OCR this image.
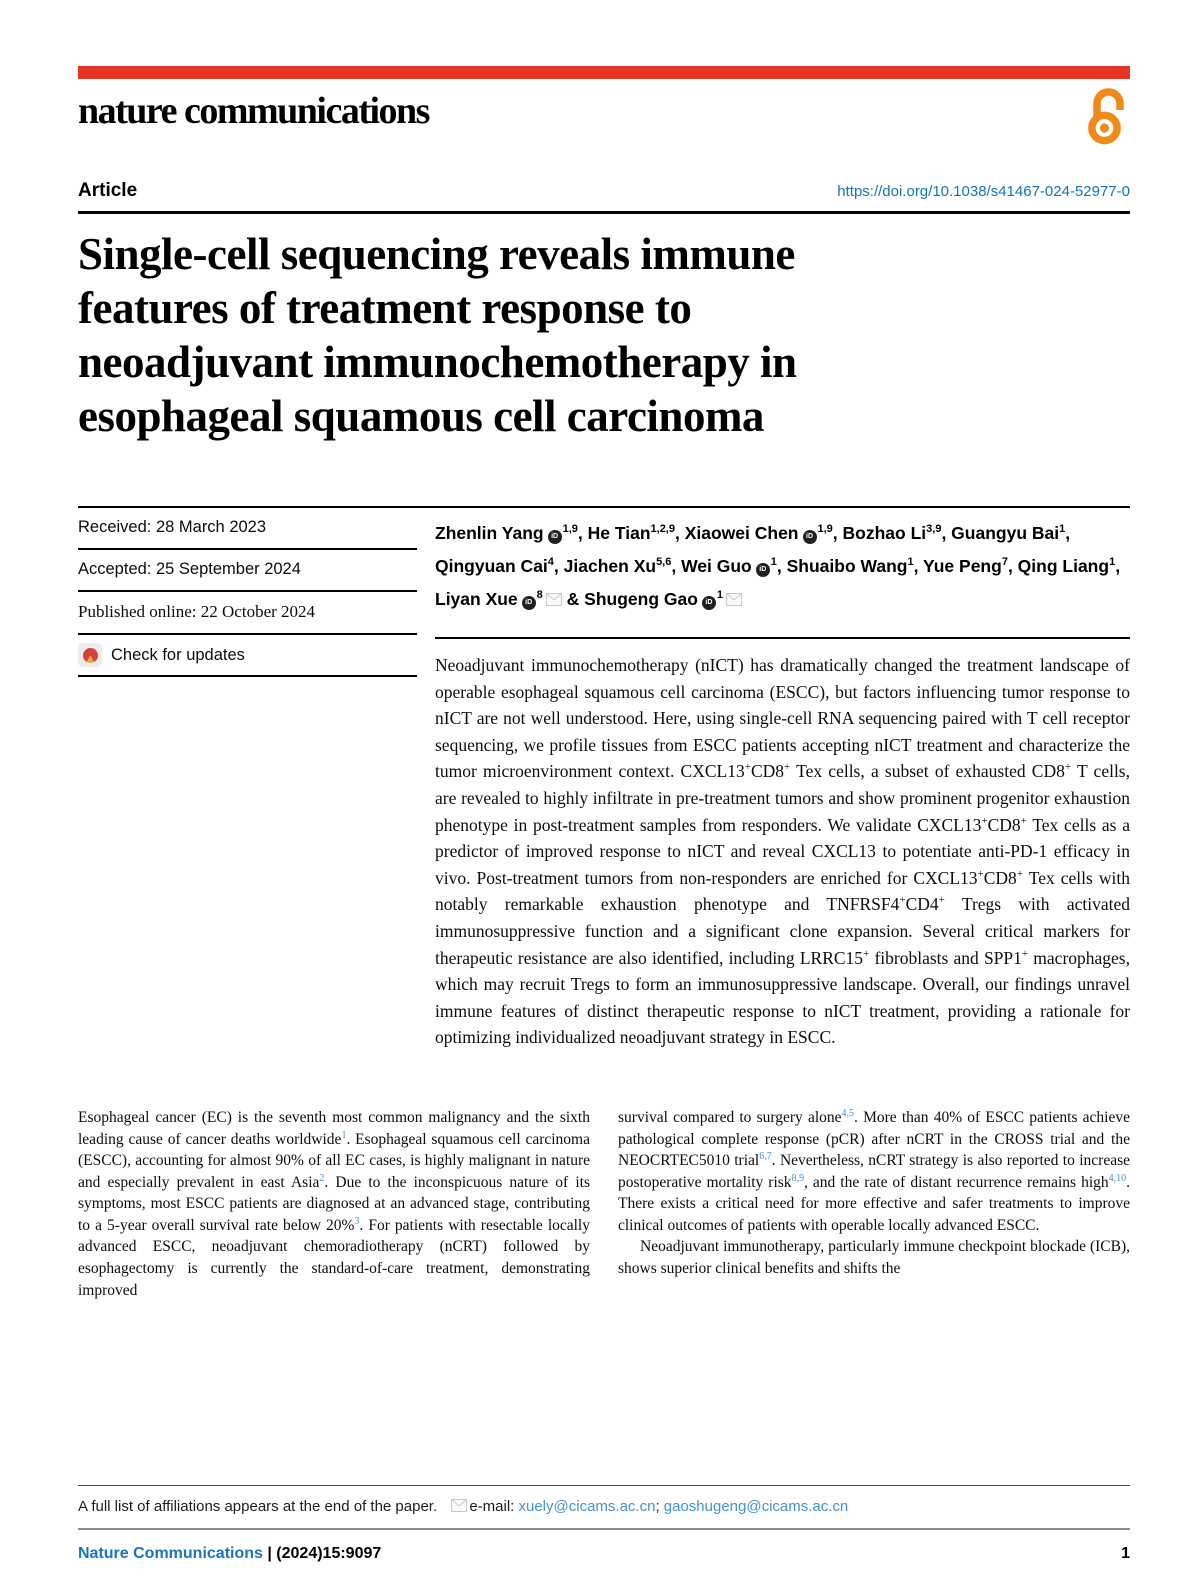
nature communications
Article	https://doi.org/10.1038/s41467-024-52977-0
Single-cell sequencing reveals immune
features of treatment response to
neoadjuvant immunochemotherapy in
esophageal squamous cell carcinoma
Received: 28 March 2023
Accepted: 25 September 2024
Published online: 22 October 2024
Check for updates

Zhenlin Yang iD$^{1,9}$, He Tian$^{1,2,9}$, Xiaowei Chen iD$^{1,9}$, Bozhao Li$^{3,9}$, Guangyu Bai$^1$, Qingyuan Cai$^4$, Jiachen Xu$^{5,6}$, Wei Guo $iD^1$, Shuaibo Wang$^1$, Yue Peng$^7$, Qing Liang$^1$, Liyan Xue $iD^8$ & Shugeng Gao $iD^1$

Neoadjuvant immunochemotherapy (nICT) has dramatically changed the treatment landscape of operable esophageal squamous cell carcinoma (ESCC), but factors influencing tumor response to nICT are not well understood. Here, using single-cell RNA sequencing paired with T cell receptor sequencing, we profile tissues from ESCC patients accepting nICT treatment and characterize the tumor microenvironment context. CXCL13+CD8+ Tex cells, a subset of exhausted CD8+ T cells, are revealed to highly infiltrate in pre-treatment tumors and show prominent progenitor exhaustion phenotype in post-treatment samples from responders. We validate CXCL13+CD8+ Tex cells as a predictor of improved response to nICT and reveal CXCL13 to potentiate anti-PD-1 efficacy in vivo. Post-treatment tumors from non-responders are enriched for CXCL13+CD8+ Tex cells with notably remarkable exhaustion phenotype and TNFRSF4+CD4+ Tregs with activated immunosuppressive function and a significant clone expansion. Several critical markers for therapeutic resistance are also identified, including LRRC15+ fibroblasts and SPP1+ macrophages, which may recruit Tregs to form an immunosuppressive landscape. Overall, our findings unravel immune features of distinct therapeutic response to nICT treatment, providing a rationale for optimizing individualized neoadjuvant strategy in ESCC.

Esophageal cancer (EC) is the seventh most common malignancy and the sixth leading cause of cancer deaths worldwide$^1$. Esophageal squamous cell carcinoma (ESCC), accounting for almost 90% of all EC cases, is highly malignant in nature and especially prevalent in east Asia$^2$. Due to the inconspicuous nature of its symptoms, most ESCC patients are diagnosed at an advanced stage, contributing to a 5-year overall survival rate below 20%$^3$. For patients with resectable locally advanced ESCC, neoadjuvant chemoradiotherapy (nCRT) followed by esophagectomy is currently the standard-of-care treatment, demonstrating improved

survival compared to surgery alone$^{4,5}$. More than 40% of ESCC patients achieve pathological complete response (pCR) after nCRT in the CROSS trial and the NEOCRTEC5010 trial$^{6,7}$. Nevertheless, nCRT strategy is also reported to increase postoperative mortality risk$^{8,9}$, and the rate of distant recurrence remains high$^{4,10}$. There exists a critical need for more effective and safer treatments to improve clinical outcomes of patients with operable locally advanced ESCC.

Neoadjuvant immunotherapy, particularly immune checkpoint blockade (ICB), shows superior clinical benefits and shifts the

A full list of affiliations appears at the end of the paper. e-mail: xuely@cicams.ac.cn; gaoshugeng@cicams.ac.cn
Nature Communications | (2024)15:9097	1
